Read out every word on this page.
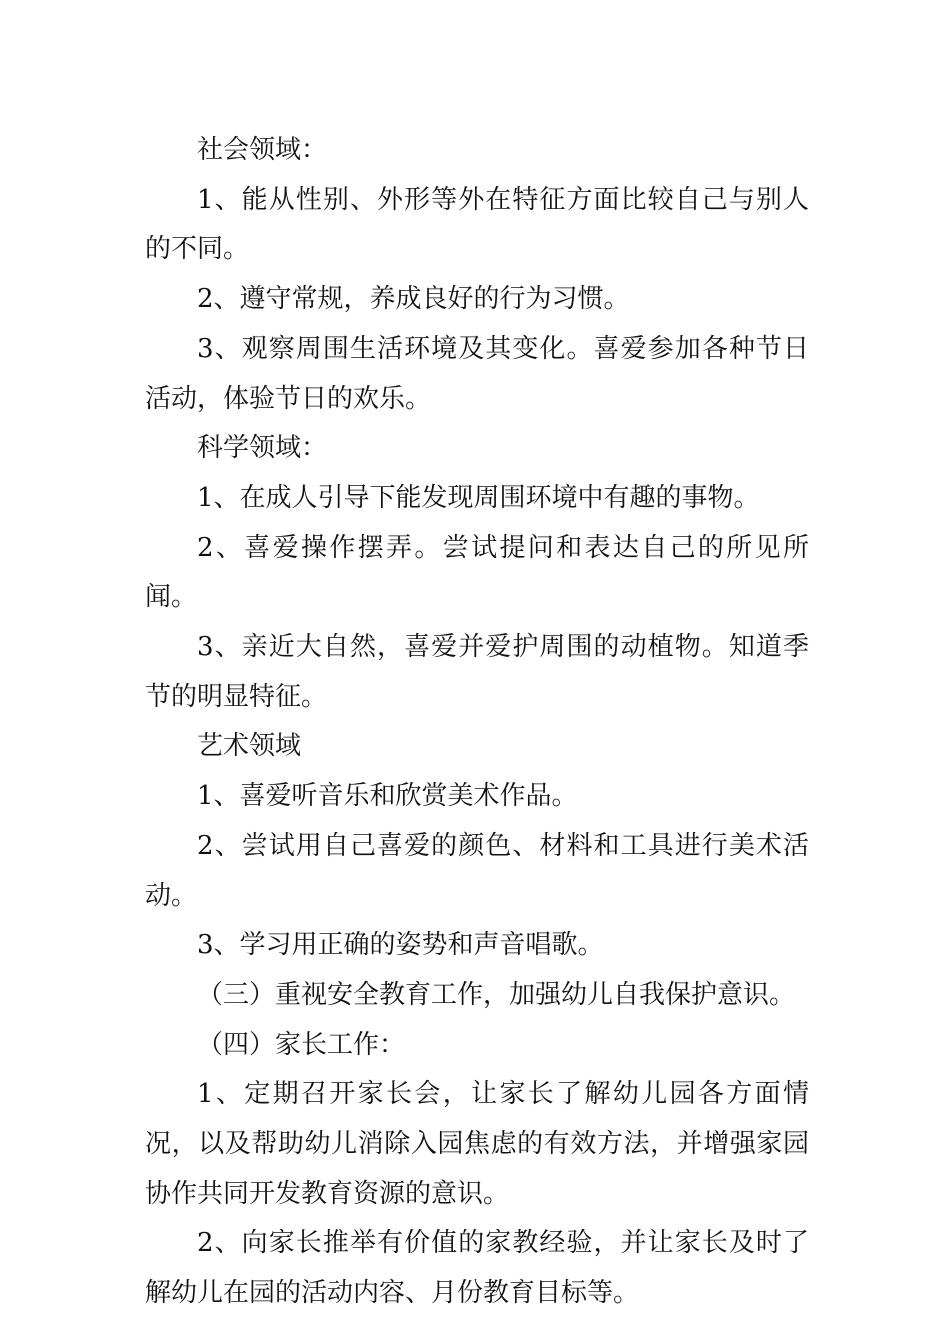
社会领域：

1、能从性别、外形等外在特征方面比较自己与别人的不同。

2、遵守常规，养成良好的行为习惯。

3、观察周围生活环境及其变化。喜爱参加各种节日活动，体验节日的欢乐。

科学领域：

1、在成人引导下能发现周围环境中有趣的事物。

2、喜爱操作摆弄。尝试提问和表达自己的所见所闻。

3、亲近大自然，喜爱并爱护周围的动植物。知道季节的明显特征。

艺术领域

1、喜爱听音乐和欣赏美术作品。

2、尝试用自己喜爱的颜色、材料和工具进行美术活动。

3、学习用正确的姿势和声音唱歌。

（三）重视安全教育工作，加强幼儿自我保护意识。

（四）家长工作：

1、定期召开家长会，让家长了解幼儿园各方面情况，以及帮助幼儿消除入园焦虑的有效方法，并增强家园协作共同开发教育资源的意识。

2、向家长推举有价值的家教经验，并让家长及时了解幼儿在园的活动内容、月份教育目标等。
